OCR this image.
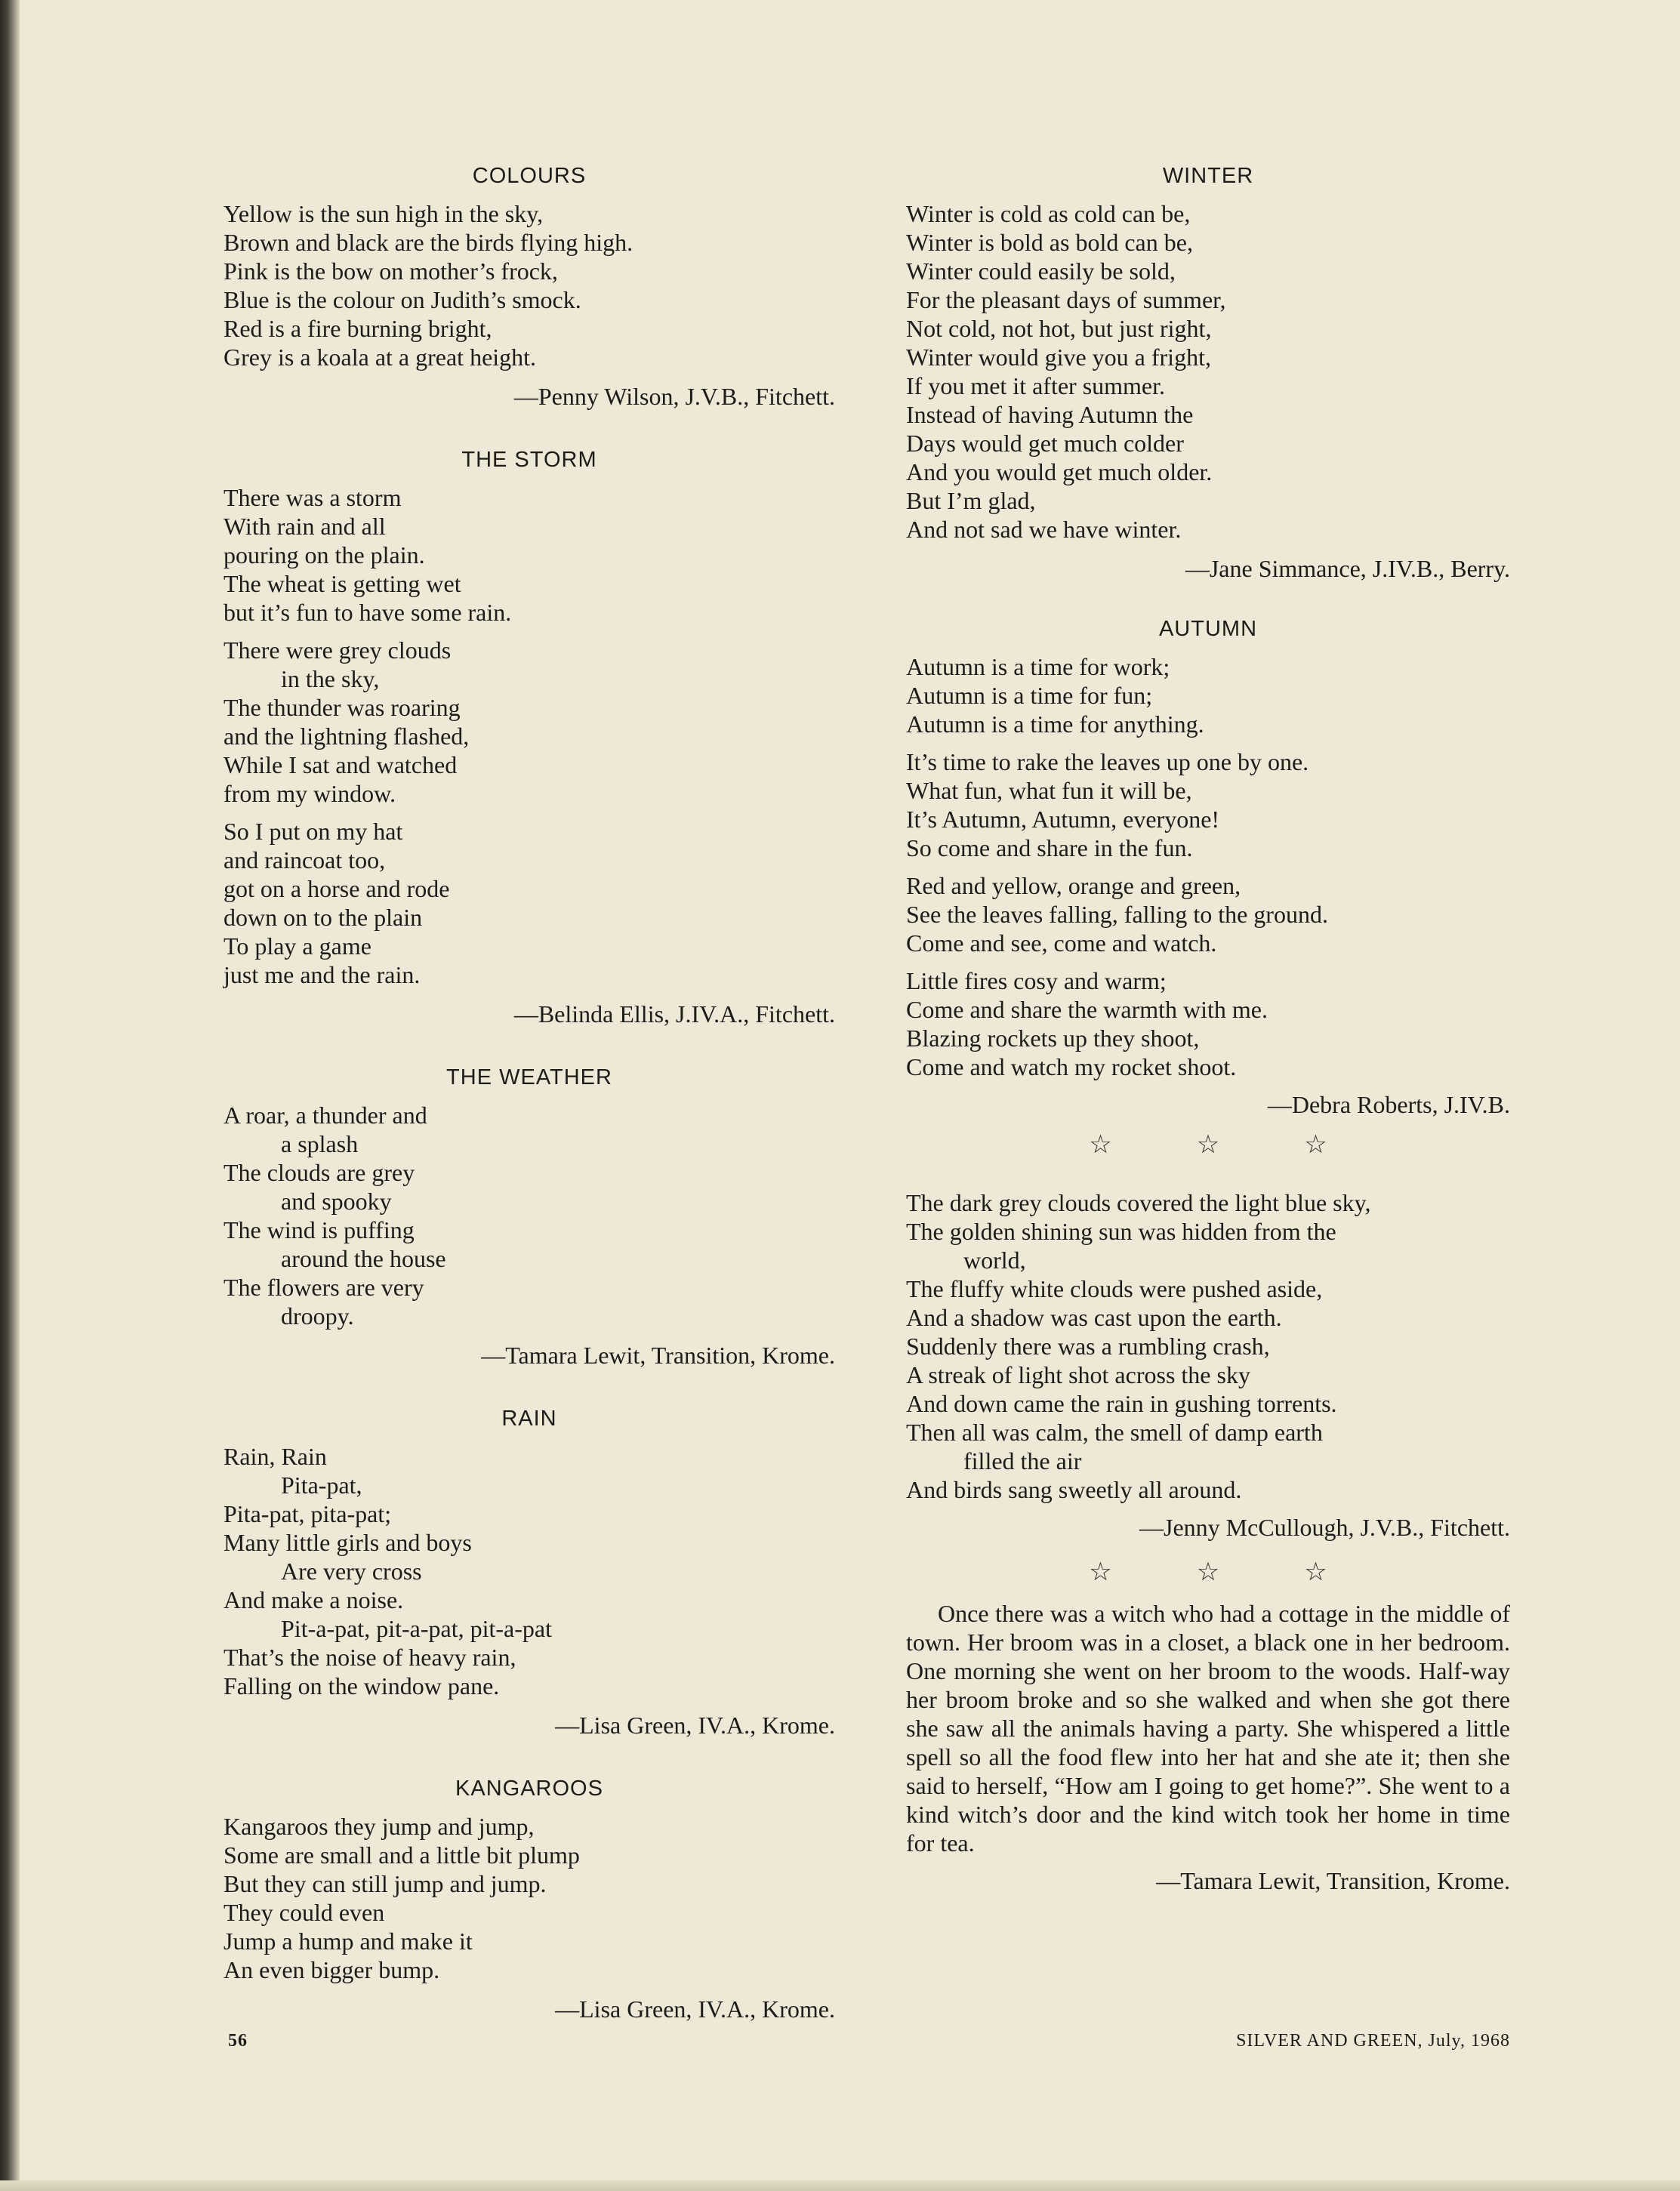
COLOURS
Yellow is the sun high in the sky,
Brown and black are the birds flying high.
Pink is the bow on mother’s frock,
Blue is the colour on Judith’s smock.
Red is a fire burning bright,
Grey is a koala at a great height.
—Penny Wilson, J.V.B., Fitchett.
THE STORM
There was a storm
With rain and all
pouring on the plain.
The wheat is getting wet
but it’s fun to have some rain.
There were grey clouds
in the sky,
The thunder was roaring
and the lightning flashed,
While I sat and watched
from my window.
So I put on my hat
and raincoat too,
got on a horse and rode
down on to the plain
To play a game
just me and the rain.
—Belinda Ellis, J.IV.A., Fitchett.
THE WEATHER
A roar, a thunder and
a splash
The clouds are grey
and spooky
The wind is puffing
around the house
The flowers are very
droopy.
—Tamara Lewit, Transition, Krome.
RAIN
Rain, Rain
Pita-pat,
Pita-pat, pita-pat;
Many little girls and boys
Are very cross
And make a noise.
Pit-a-pat, pit-a-pat, pit-a-pat
That’s the noise of heavy rain,
Falling on the window pane.
—Lisa Green, IV.A., Krome.
KANGAROOS
Kangaroos they jump and jump,
Some are small and a little bit plump
But they can still jump and jump.
They could even
Jump a hump and make it
An even bigger bump.
—Lisa Green, IV.A., Krome.
WINTER
Winter is cold as cold can be,
Winter is bold as bold can be,
Winter could easily be sold,
For the pleasant days of summer,
Not cold, not hot, but just right,
Winter would give you a fright,
If you met it after summer.
Instead of having Autumn the
Days would get much colder
And you would get much older.
But I’m glad,
And not sad we have winter.
—Jane Simmance, J.IV.B., Berry.
AUTUMN
Autumn is a time for work;
Autumn is a time for fun;
Autumn is a time for anything.
It’s time to rake the leaves up one by one.
What fun, what fun it will be,
It’s Autumn, Autumn, everyone!
So come and share in the fun.
Red and yellow, orange and green,
See the leaves falling, falling to the ground.
Come and see, come and watch.
Little fires cosy and warm;
Come and share the warmth with me.
Blazing rockets up they shoot,
Come and watch my rocket shoot.
—Debra Roberts, J.IV.B.
☆	☆	☆
The dark grey clouds covered the light blue sky,
The golden shining sun was hidden from the
world,
The fluffy white clouds were pushed aside,
And a shadow was cast upon the earth.
Suddenly there was a rumbling crash,
A streak of light shot across the sky
And down came the rain in gushing torrents.
Then all was calm, the smell of damp earth
filled the air
And birds sang sweetly all around.
—Jenny McCullough, J.V.B., Fitchett.
☆	☆	☆

Once there was a witch who had a cottage in the middle of town. Her broom was in a closet, a black one in her bedroom. One morning she went on her broom to the woods. Half-way her broom broke and so she walked and when she got there she saw all the animals having a party. She whispered a little spell so all the food flew into her hat and she ate it; then she said to herself, “How am I going to get home?”. She went to a kind witch’s door and the kind witch took her home in time for tea.

—Tamara Lewit, Transition, Krome.
56	SILVER AND GREEN, July, 1968
